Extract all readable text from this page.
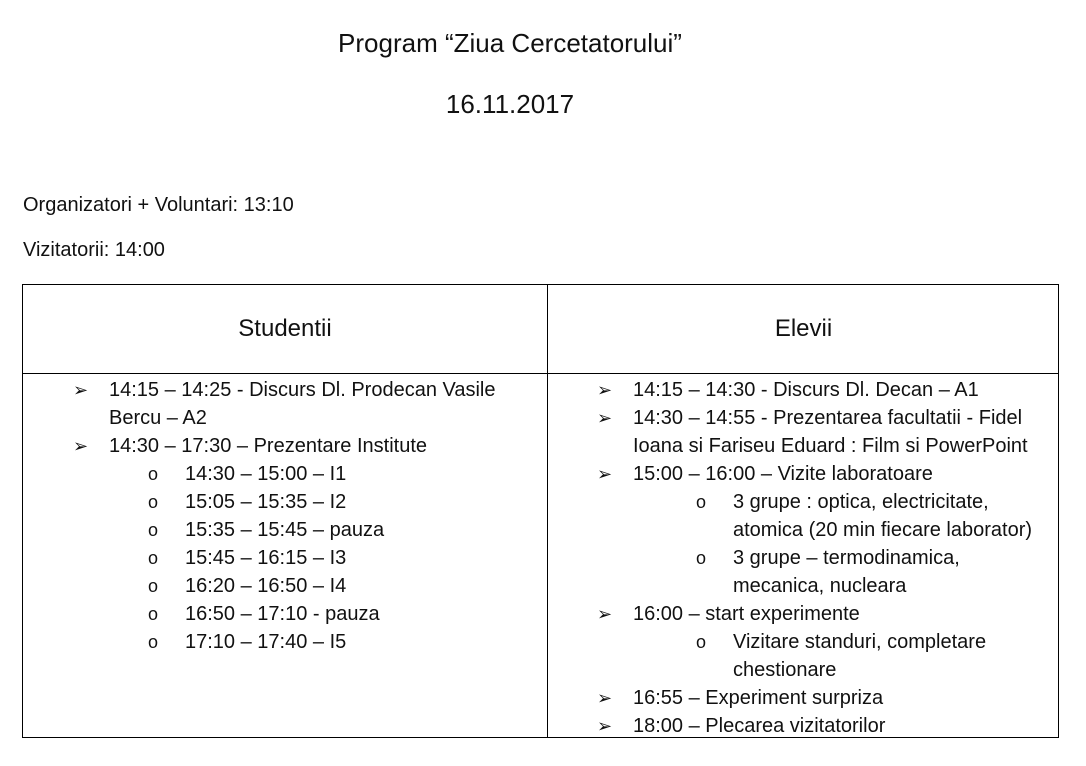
Program “Ziua Cercetatorului”
16.11.2017
Organizatori + Voluntari: 13:10
Vizitatorii: 14:00
Studentii	Elevii
➢ 14:15 – 14:25 - Discurs Dl. Prodecan Vasile Bercu – A2
➢ 14:30 – 17:30 – Prezentare Institute
o 14:30 – 15:00 – I1
o 15:05 – 15:35 – I2
o 15:35 – 15:45 – pauza
o 15:45 – 16:15 – I3
o 16:20 – 16:50 – I4
o 16:50 – 17:10 - pauza
o 17:10 – 17:40 – I5
➢ 14:15 – 14:30 - Discurs Dl. Decan – A1
➢ 14:30 – 14:55 - Prezentarea facultatii - Fidel Ioana si Fariseu Eduard : Film si PowerPoint
➢ 15:00 – 16:00 – Vizite laboratoare
o 3 grupe : optica, electricitate, atomica (20 min fiecare laborator)
o 3 grupe – termodinamica, mecanica, nucleara
➢ 16:00 – start experimente
o Vizitare standuri, completare chestionare
➢ 16:55 – Experiment surpriza
➢ 18:00 – Plecarea vizitatorilor
